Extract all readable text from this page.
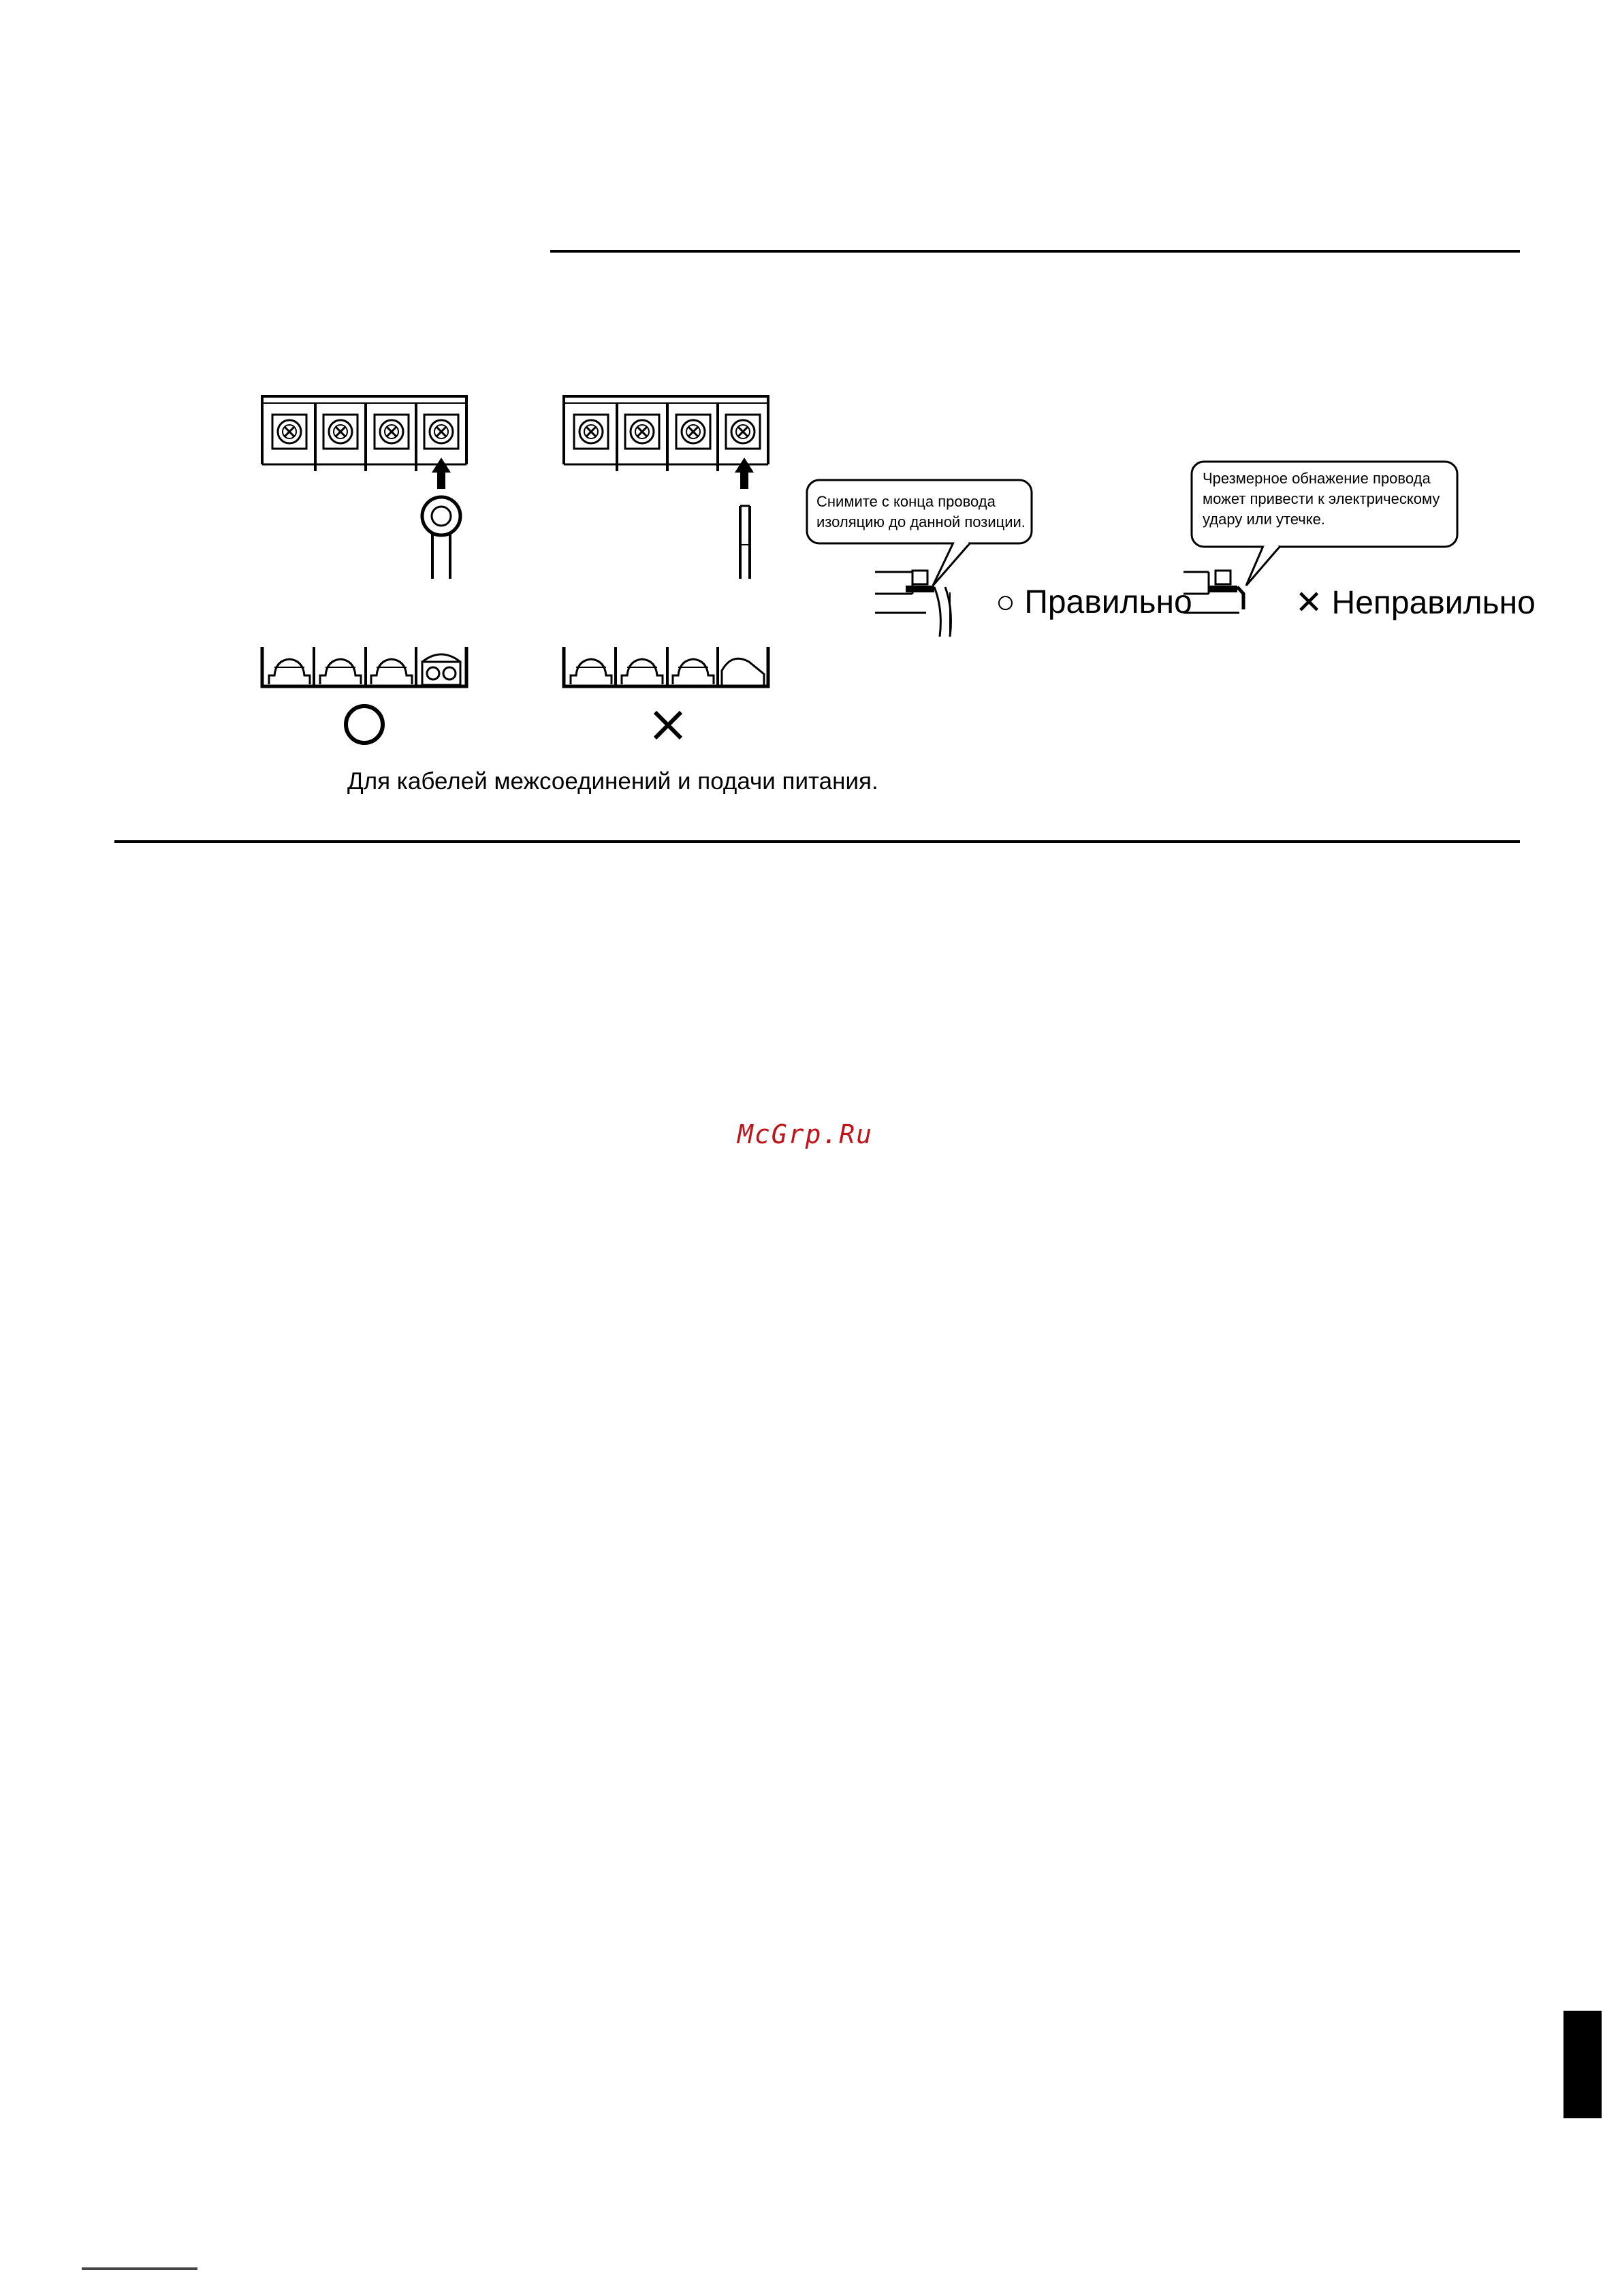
Снимите с конца провода
изоляцию до данной позиции.
Чрезмерное обнажение провода
может привести к электрическому
удару или утечке.
○ Правильно	✕ Неправильно
Для кабелей межсоединений и подачи питания.
McGrp.Ru
